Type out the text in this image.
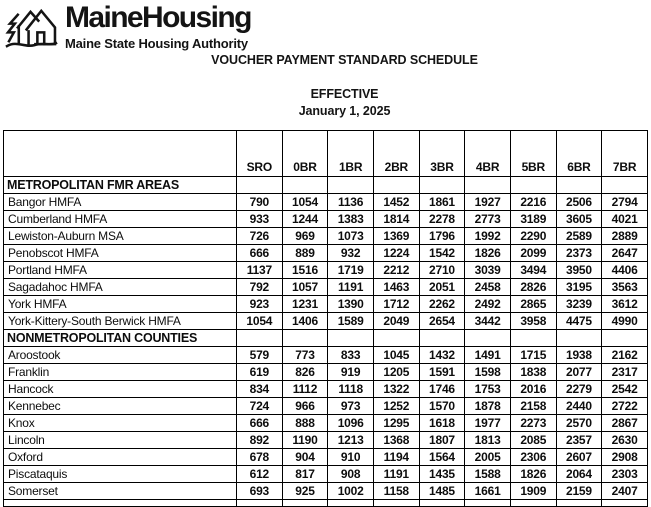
MaineHousing
Maine State Housing Authority
VOUCHER PAYMENT STANDARD SCHEDULE
EFFECTIVE
January 1, 2025
	SRO	0BR	1BR	2BR	3BR	4BR	5BR	6BR	7BR
METROPOLITAN FMR AREAS									
Bangor HMFA	790	1054	1136	1452	1861	1927	2216	2506	2794
Cumberland HMFA	933	1244	1383	1814	2278	2773	3189	3605	4021
Lewiston-Auburn MSA	726	969	1073	1369	1796	1992	2290	2589	2889
Penobscot HMFA	666	889	932	1224	1542	1826	2099	2373	2647
Portland HMFA	1137	1516	1719	2212	2710	3039	3494	3950	4406
Sagadahoc HMFA	792	1057	1191	1463	2051	2458	2826	3195	3563
York HMFA	923	1231	1390	1712	2262	2492	2865	3239	3612
York-Kittery-South Berwick HMFA	1054	1406	1589	2049	2654	3442	3958	4475	4990
NONMETROPOLITAN COUNTIES									
Aroostook	579	773	833	1045	1432	1491	1715	1938	2162
Franklin	619	826	919	1205	1591	1598	1838	2077	2317
Hancock	834	1112	1118	1322	1746	1753	2016	2279	2542
Kennebec	724	966	973	1252	1570	1878	2158	2440	2722
Knox	666	888	1096	1295	1618	1977	2273	2570	2867
Lincoln	892	1190	1213	1368	1807	1813	2085	2357	2630
Oxford	678	904	910	1194	1564	2005	2306	2607	2908
Piscataquis	612	817	908	1191	1435	1588	1826	2064	2303
Somerset	693	925	1002	1158	1485	1661	1909	2159	2407
